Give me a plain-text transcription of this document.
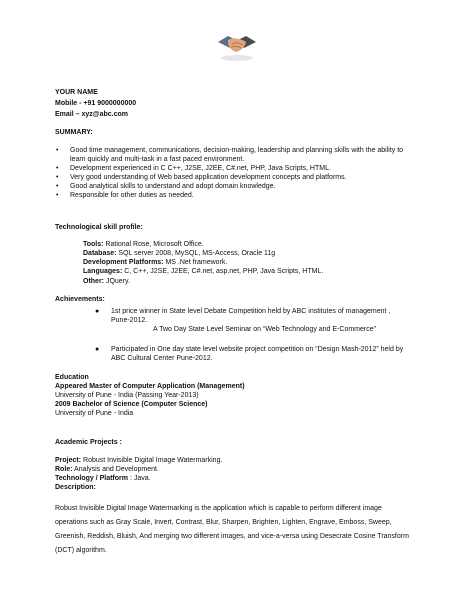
YOUR NAME
Mobile - +91 9000000000
Email – xyz@abc.com
SUMMARY:
• Good time management, communications, decision-making, leadership and planning skills with the ability to
learn quickly and multi-task in a fast paced environment.
• Development experienced in C C++, J2SE, J2EE, C#.net, PHP, Java Scripts, HTML.
• Very good understanding of Web based application development concepts and platforms.
• Good analytical skills to understand and adopt domain knowledge.
• Responsible for other duties as needed.
Technological skill profile:
Tools: Rational Rose, Microsoft Office.
Database: SQL server 2008, MySQL, MS-Access, Oracle 11g
Development Platforms: MS .Net framework.
Languages: C, C++, J2SE, J2EE, C#.net, asp.net, PHP, Java Scripts, HTML.
Other: JQuery.
Achievements:
● 1st price winner in State level Debate Competition held by ABC institutes of management ,
Pune-2012.
A Two Day State Level Seminar on “Web Technology and E-Commerce”
● Participated in One day state level website project competition on “Design Mash-2012” held by
ABC Cultural Center Pune-2012.
Education
Appeared Master of Computer Application (Management)
University of Pune - India (Passing Year-2013)
2009 Bachelor of Science (Computer Science)
University of Pune - India
Academic Projects :
Project: Robust Invisible Digital Image Watermarking.
Role: Analysis and Development.
Technology / Platform : Java.
Description:
Robust Invisible Digital Image Watermarking is the application which is capable to perform different image
operations such as Gray Scale, Invert, Contrast, Blur, Sharpen, Brighten, Lighten, Engrave, Emboss, Sweep,
Greenish, Reddish, Bluish, And merging two different images, and vice-a-versa using Desecrate Cosine Transform
(DCT) algorithm.
